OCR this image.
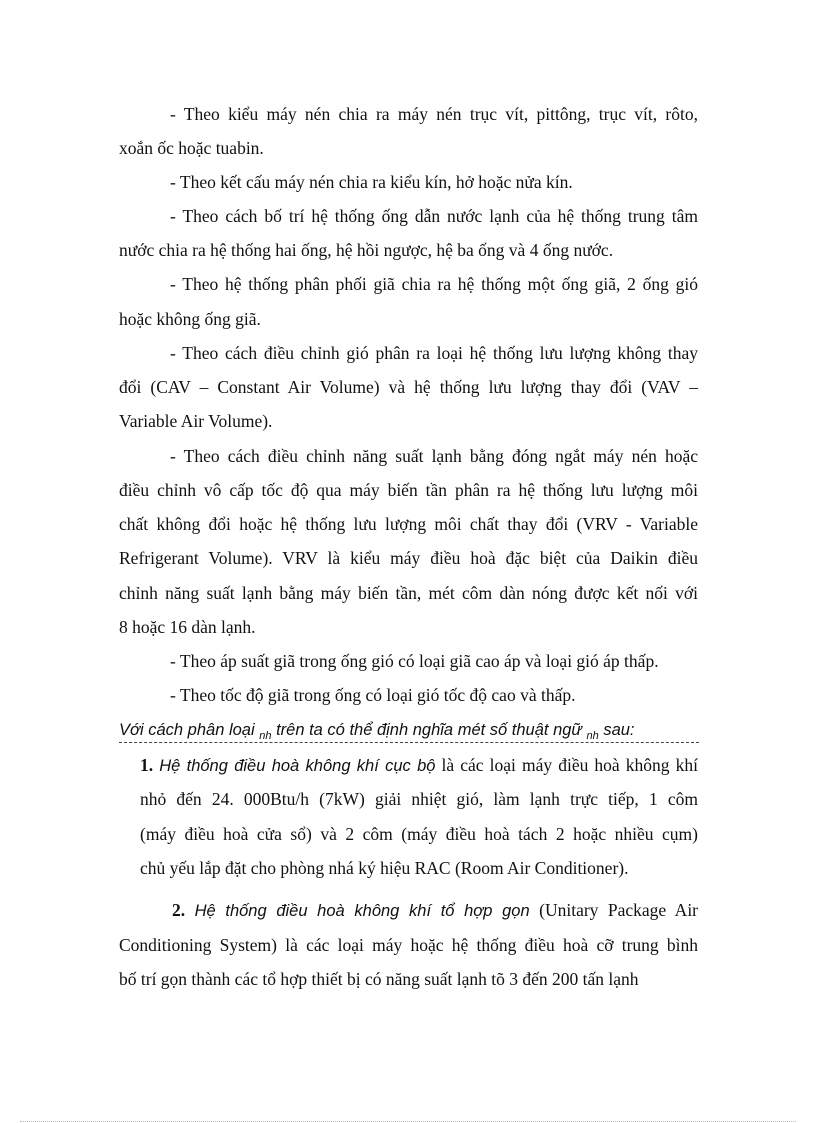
- Theo kiểu máy nén chia ra máy nén trục vít, pittông, trục vít, rôto,
xoắn ốc hoặc tuabin.
- Theo kết cấu máy nén chia ra kiểu kín, hở hoặc nửa kín.
- Theo cách bố trí hệ thống ống dẫn nước lạnh của hệ thống trung tâm
nước chia ra hệ thống hai ống, hệ hồi ngược, hệ ba ống và 4 ống nước.
- Theo hệ thống phân phối giã chia ra hệ thống một ống giã, 2 ống gió
hoặc không ống giã.
- Theo cách điều chỉnh gió phân ra loại hệ thống lưu lượng không thay
đổi (CAV – Constant Air Volume) và hệ thống lưu lượng thay đổi (VAV –
Variable Air Volume).
- Theo cách điều chỉnh năng suất lạnh bằng đóng ngắt máy nén hoặc
điều chỉnh vô cấp tốc độ qua máy biến tần phân ra hệ thống lưu lượng môi
chất không đổi hoặc hệ thống lưu lượng môi chất thay đổi (VRV - Variable
Refrigerant Volume). VRV là kiểu máy điều hoà đặc biệt của Daikin điều
chỉnh năng suất lạnh bằng máy biến tần, mét côm dàn nóng được kết nối với
8 hoặc 16 dàn lạnh.
- Theo áp suất giã trong ống gió có loại giã cao áp và loại gió áp thấp.
- Theo tốc độ giã trong ống có loại gió tốc độ cao và thấp.
Với cách phân loại $_{nh}$ trên ta có thể định nghĩa mét số thuật ngữ $_{nh}$ sau:
1. Hệ thống điều hoà không khí cục bộ là các loại máy điều hoà không khí
nhỏ đến 24. 000Btu/h (7kW) giải nhiệt gió, làm lạnh trực tiếp, 1 côm
(máy điều hoà cửa sổ) và 2 côm (máy điều hoà tách 2 hoặc nhiều cụm)
chủ yếu lắp đặt cho phòng nhá ký hiệu RAC (Room Air Conditioner).
2. Hệ thống điều hoà không khí tổ hợp gọn (Unitary Package Air
Conditioning System) là các loại máy hoặc hệ thống điều hoà cỡ trung bình
bố trí gọn thành các tổ hợp thiết bị có năng suất lạnh tõ 3 đến 200 tấn lạnh
